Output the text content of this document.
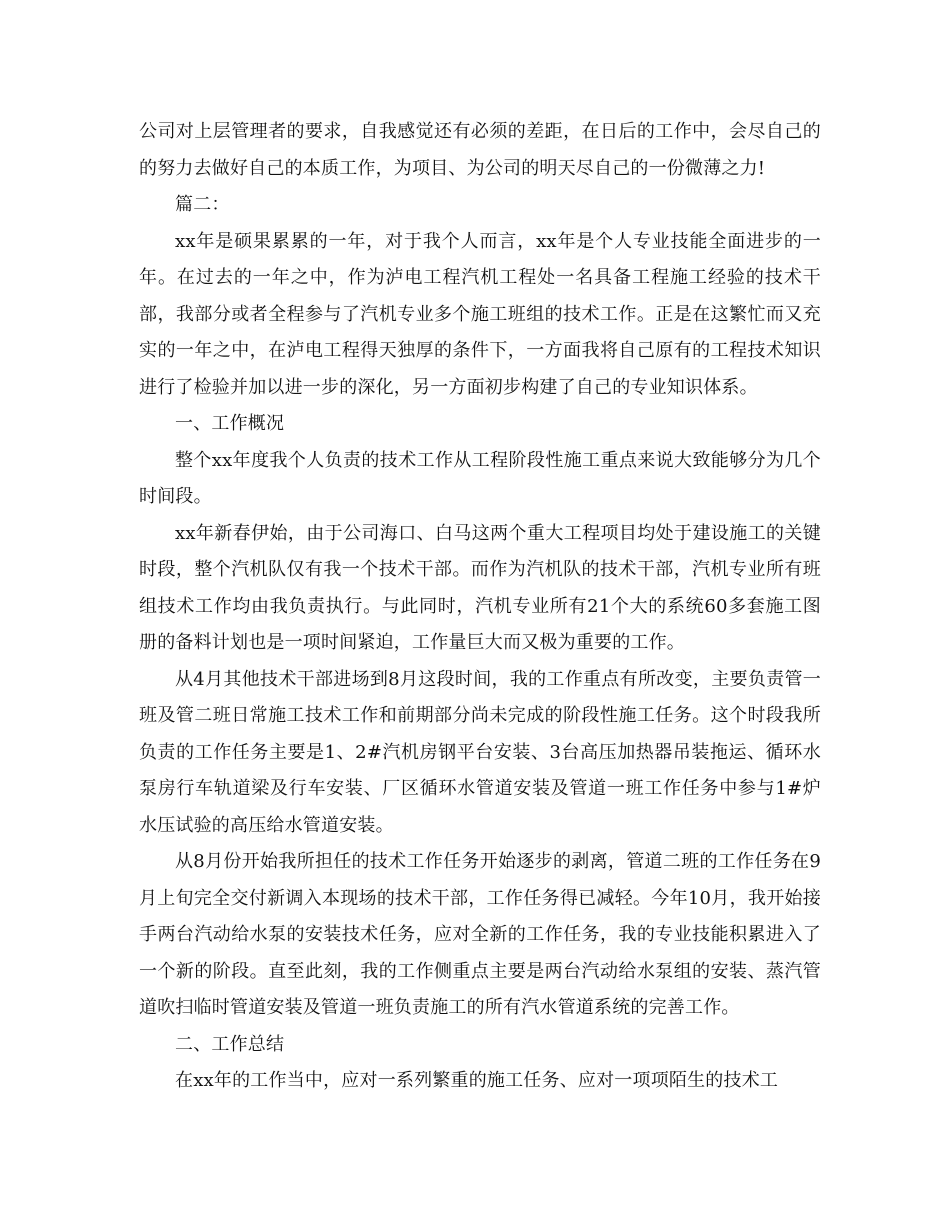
公司对上层管理者的要求，自我感觉还有必须的差距，在日后的工作中，会尽自己的的努力去做好自己的本质工作，为项目、为公司的明天尽自己的一份微薄之力!

篇二：

xx年是硕果累累的一年，对于我个人而言，xx年是个人专业技能全面进步的一年。在过去的一年之中，作为泸电工程汽机工程处一名具备工程施工经验的技术干部，我部分或者全程参与了汽机专业多个施工班组的技术工作。正是在这繁忙而又充实的一年之中，在泸电工程得天独厚的条件下，一方面我将自己原有的工程技术知识进行了检验并加以进一步的深化，另一方面初步构建了自己的专业知识体系。

一、工作概况

整个xx年度我个人负责的技术工作从工程阶段性施工重点来说大致能够分为几个时间段。

xx年新春伊始，由于公司海口、白马这两个重大工程项目均处于建设施工的关键时段，整个汽机队仅有我一个技术干部。而作为汽机队的技术干部，汽机专业所有班组技术工作均由我负责执行。与此同时，汽机专业所有21个大的系统60多套施工图册的备料计划也是一项时间紧迫，工作量巨大而又极为重要的工作。

从4月其他技术干部进场到8月这段时间，我的工作重点有所改变，主要负责管一班及管二班日常施工技术工作和前期部分尚未完成的阶段性施工任务。这个时段我所负责的工作任务主要是1、2#汽机房钢平台安装、3台高压加热器吊装拖运、循环水泵房行车轨道梁及行车安装、厂区循环水管道安装及管道一班工作任务中参与1#炉水压试验的高压给水管道安装。

从8月份开始我所担任的技术工作任务开始逐步的剥离，管道二班的工作任务在9月上旬完全交付新调入本现场的技术干部，工作任务得已减轻。今年10月，我开始接手两台汽动给水泵的安装技术任务，应对全新的工作任务，我的专业技能积累进入了一个新的阶段。直至此刻，我的工作侧重点主要是两台汽动给水泵组的安装、蒸汽管道吹扫临时管道安装及管道一班负责施工的所有汽水管道系统的完善工作。

二、工作总结

在xx年的工作当中，应对一系列繁重的施工任务、应对一项项陌生的技术工
